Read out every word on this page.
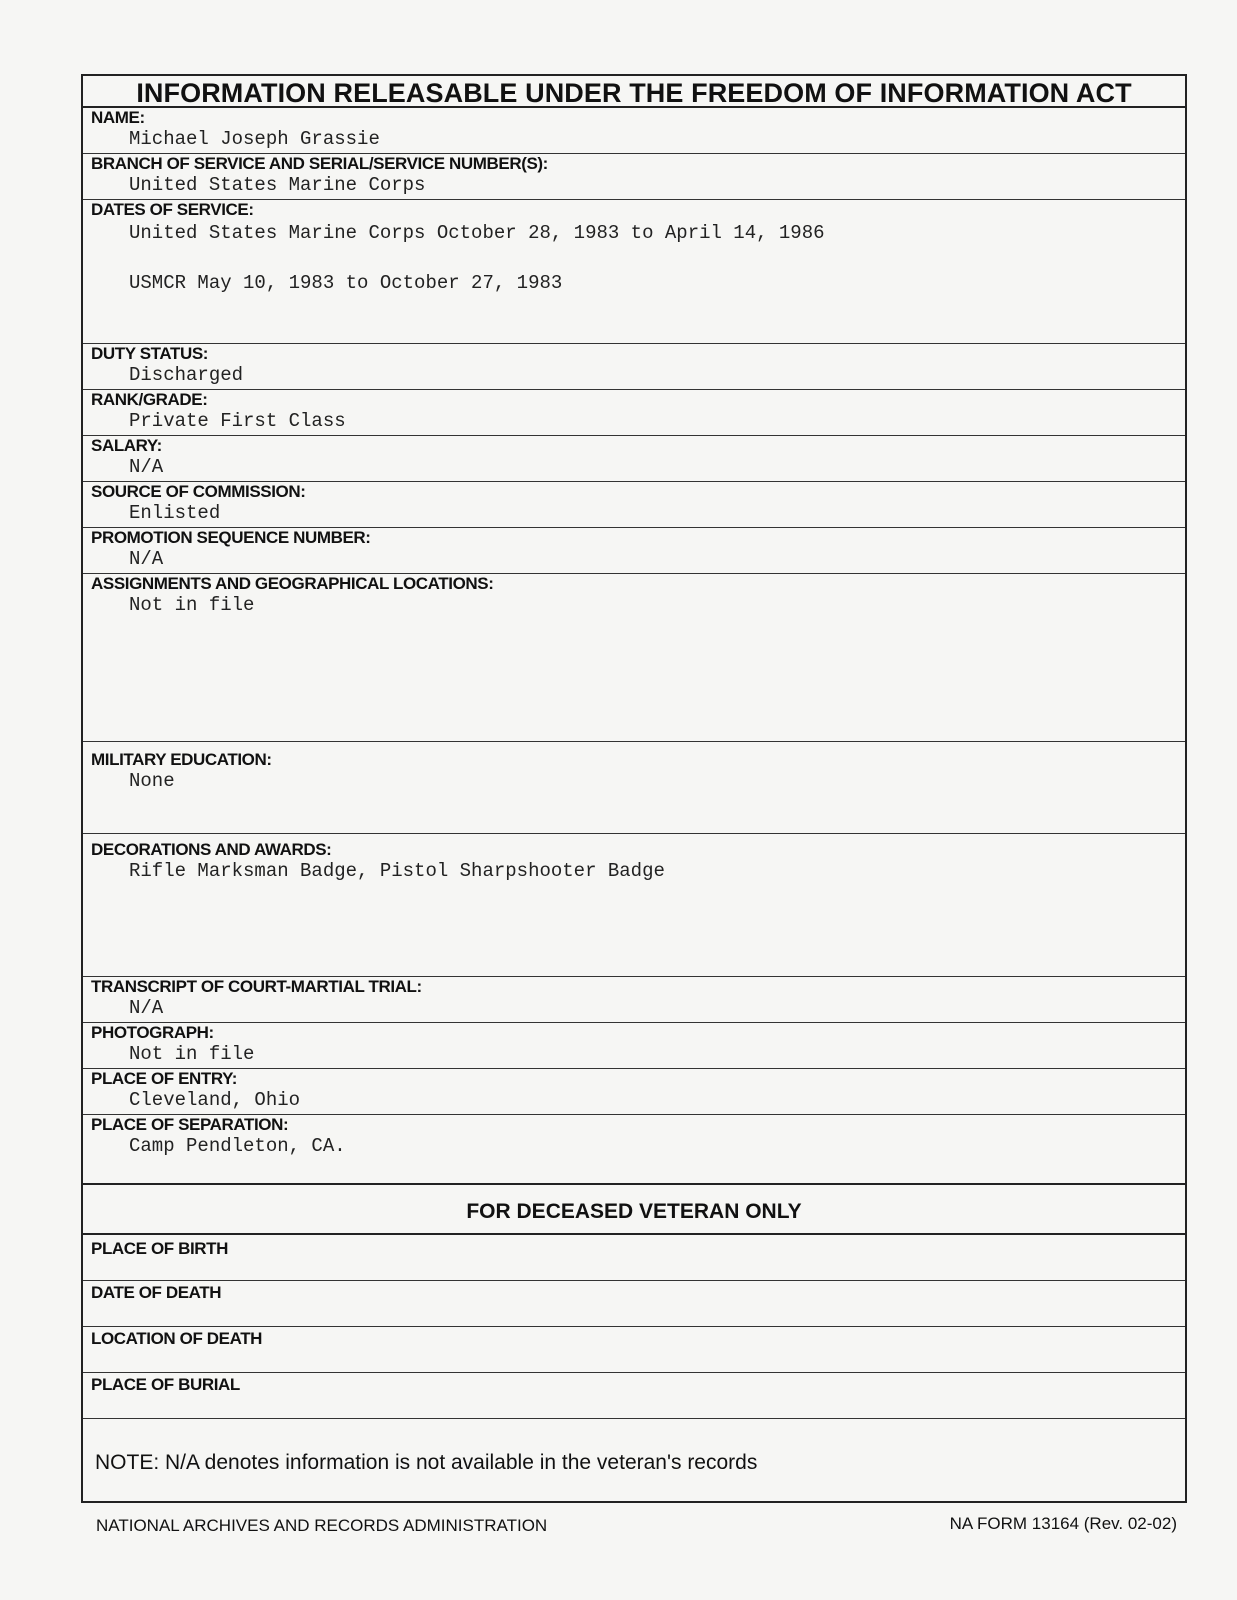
INFORMATION RELEASABLE UNDER THE FREEDOM OF INFORMATION ACT
NAME:
Michael Joseph Grassie
BRANCH OF SERVICE AND SERIAL/SERVICE NUMBER(S):
United States Marine Corps
DATES OF SERVICE:
United States Marine Corps October 28, 1983 to April 14, 1986
USMCR May 10, 1983 to October 27, 1983
DUTY STATUS:
Discharged
RANK/GRADE:
Private First Class
SALARY:
N/A
SOURCE OF COMMISSION:
Enlisted
PROMOTION SEQUENCE NUMBER:
N/A
ASSIGNMENTS AND GEOGRAPHICAL LOCATIONS:
Not in file
MILITARY EDUCATION:
None
DECORATIONS AND AWARDS:
Rifle Marksman Badge, Pistol Sharpshooter Badge
TRANSCRIPT OF COURT-MARTIAL TRIAL:
N/A
PHOTOGRAPH:
Not in file
PLACE OF ENTRY:
Cleveland, Ohio
PLACE OF SEPARATION:
Camp Pendleton, CA.
FOR DECEASED VETERAN ONLY
PLACE OF BIRTH
DATE OF DEATH
LOCATION OF DEATH
PLACE OF BURIAL
NOTE: N/A denotes information is not available in the veteran's records
NATIONAL ARCHIVES AND RECORDS ADMINISTRATION	NA FORM 13164 (Rev. 02-02)
